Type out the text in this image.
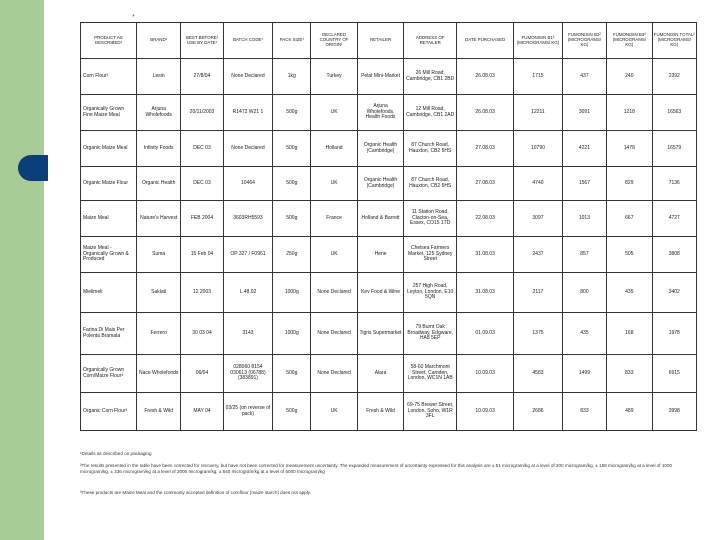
*
PRODUCT AS DESCRIBED¹	BRAND¹	BEST BEFORE/ USE BY DATE¹	BATCH CODE¹	PACK SIZE¹	DECLARED COUNTRY OF ORIGIN¹	RETAILER	ADDRESS OF RETAILER	DATE PURCHASED	FUMONISIN B1² (MICROGRAMS/ KG)	FUMONISIN B2² (MICROGRAMS/ KG)	FUMONISIN B3² (MICROGRAMS/ KG)	FUMONISIN TOTAL² (MICROGRAMS/ KG)
Corn Flour³	Lesin	27/8/04	None Declared	1kg	Turkey	Pelat Mini-Market	26 Mill Road, Cambridge, CB1 2BD	26.08.03	1715	437	240	2392
Organically Grown Fine Maize Meal	Arjuna Wholefoods	20/11/2003	R1472 W21 1	500g	UK	Arjuna Wholefoods, Health Foods	12 Mill Road, Cambridge, CB1 2AD	26.08.03	12211	3091	1218	16563
Organic Maize Meal	Infinity Foods	DEC 03	None Declared	500g	Holland	Organic Health (Cambridge)	87 Church Road, Hauxton, CB2 5HS	27.08.03	10790	4221	1478	16579
Organic Maize Flour	Organic Health	DEC 03	10464	500g	UK	Organic Health (Cambridge)	87 Church Road, Hauxton, CB2 5HS	27.08.03	4740	1567	829	7136
Maize Meal	Nature's Harvest	FEB 2004	3603RH5593	500g	France	Holland & Barrett	11 Station Road, Clacton-on-Sea, Essex, CO15 1TD	22.08.03	3097	1013	667	4727
Maize Meal - Organically Grown & Produced	Suma	15 Feb 04	OP 327 / F0961	250g	UK	Hene	Chelsea Farmers Market, 125 Sydney Street	31.08.03	2437	857	505	3808
Mielimeli	Saklati	12 2003	L.48.02	1000g	None Declared	Kev Food & Wine	257 High Road, Leyton, London, E10 5QN	31.08.03	2117	800	435	3402
Farina Di Mais Per Polenta Bramata	Ferrero	30 03 04	3143	1000g	None Declared	Tigris Supermarket	79 Burnt Oak Broadway, Edgware, HA8 5EP	01.09.03	1375	435	168	1978
Organically Grown Corn/Maize Flour³	Nace Wholefoods	06/04	028060 8154 030613 (06788) (383891)	500g	None Declared	Alara	58-60 Marchmont Street, Camden, London, WC1N 1AB	10.09.03	4583	1499	833	6915
Organic Corn Flour³	Fresh & Wild	MAY 04	03/25 (on reverse of pack)	500g	UK	Fresh & Wild	69-75 Brewer Street, London, Soho, W1R 3FL	10.09.03	2686	833	489	3998
¹Details as described on packaging
²The results presented in the table have been corrected for recovery, but have not been corrected for measurement uncertainty. The expanded measurement of uncertainty expressed for this analysis are ± 51 microgram/kg at a level of 200 microgram/kg, ± 158 microgram/kg at a level of 1000 microgram/kg, ± 336 microgram/kg at a level of 2000 microgram/kg, ± 840 microgram/kg at a level of 5000 microgram/kg
³These products are Maize Meal and the commonly accepted definition of cornflour (maize starch) does not apply.
